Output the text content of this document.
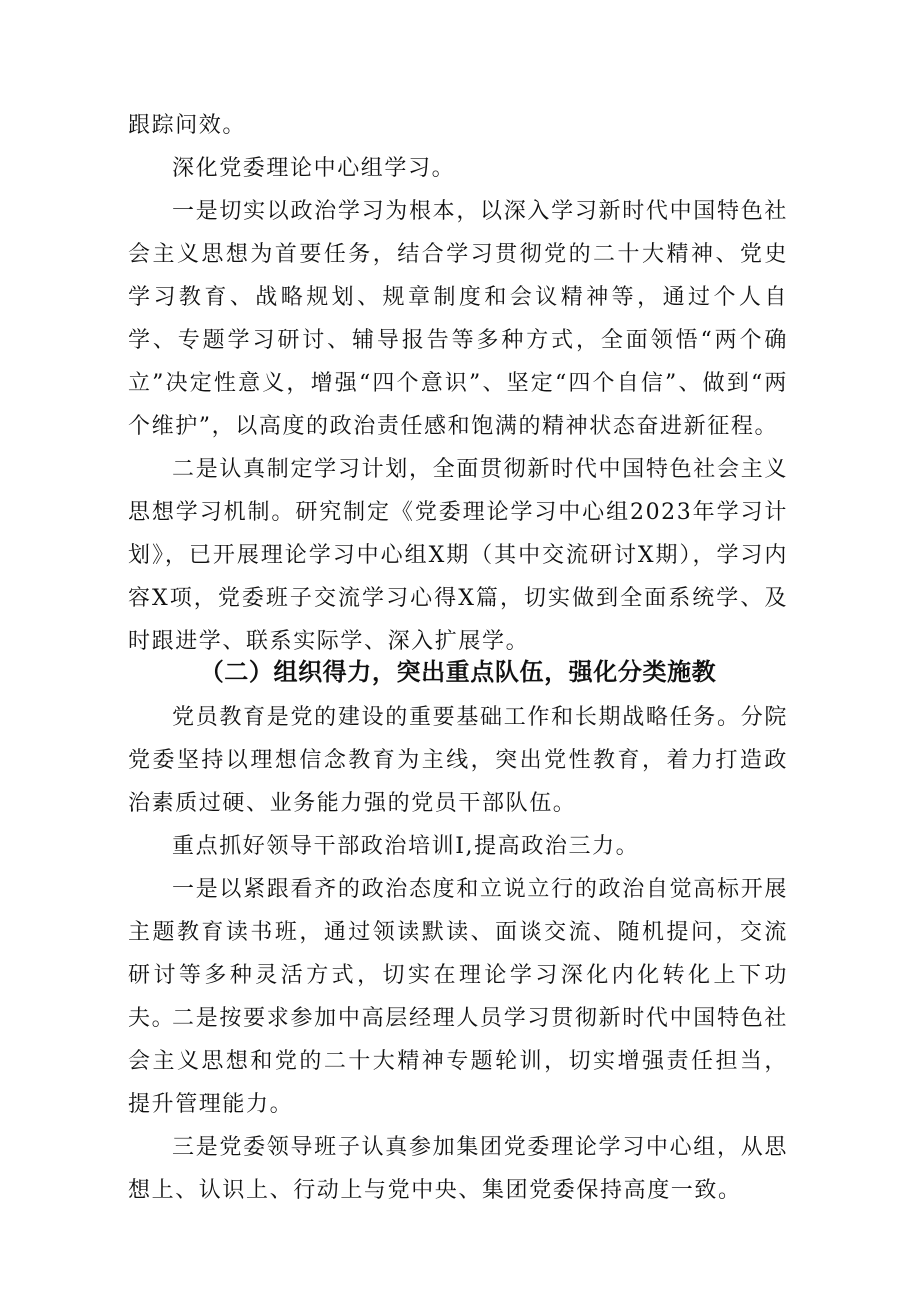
跟踪问效。

深化党委理论中心组学习。

一是切实以政治学习为根本，以深入学习新时代中国特色社会主义思想为首要任务，结合学习贯彻党的二十大精神、党史学习教育、战略规划、规章制度和会议精神等，通过个人自学、专题学习研讨、辅导报告等多种方式，全面领悟“两个确立”决定性意义，增强“四个意识”、坚定“四个自信”、做到“两个维护”，以高度的政治责任感和饱满的精神状态奋进新征程。

二是认真制定学习计划，全面贯彻新时代中国特色社会主义思想学习机制。研究制定《党委理论学习中心组2023年学习计划》，已开展理论学习中心组X期（其中交流研讨X期），学习内容X项，党委班子交流学习心得X篇，切实做到全面系统学、及时跟进学、联系实际学、深入扩展学。

（二）组织得力，突出重点队伍，强化分类施教

党员教育是党的建设的重要基础工作和长期战略任务。分院党委坚持以理想信念教育为主线，突出党性教育，着力打造政治素质过硬、业务能力强的党员干部队伍。

重点抓好领导干部政治培训I,提高政治三力。

一是以紧跟看齐的政治态度和立说立行的政治自觉高标开展主题教育读书班，通过领读默读、面谈交流、随机提问，交流研讨等多种灵活方式，切实在理论学习深化内化转化上下功夫。

二是按要求参加中高层经理人员学习贯彻新时代中国特色社会主义思想和党的二十大精神专题轮训，切实增强责任担当，提升管理能力。

三是党委领导班子认真参加集团党委理论学习中心组，从思想上、认识上、行动上与党中央、集团党委保持高度一致。
